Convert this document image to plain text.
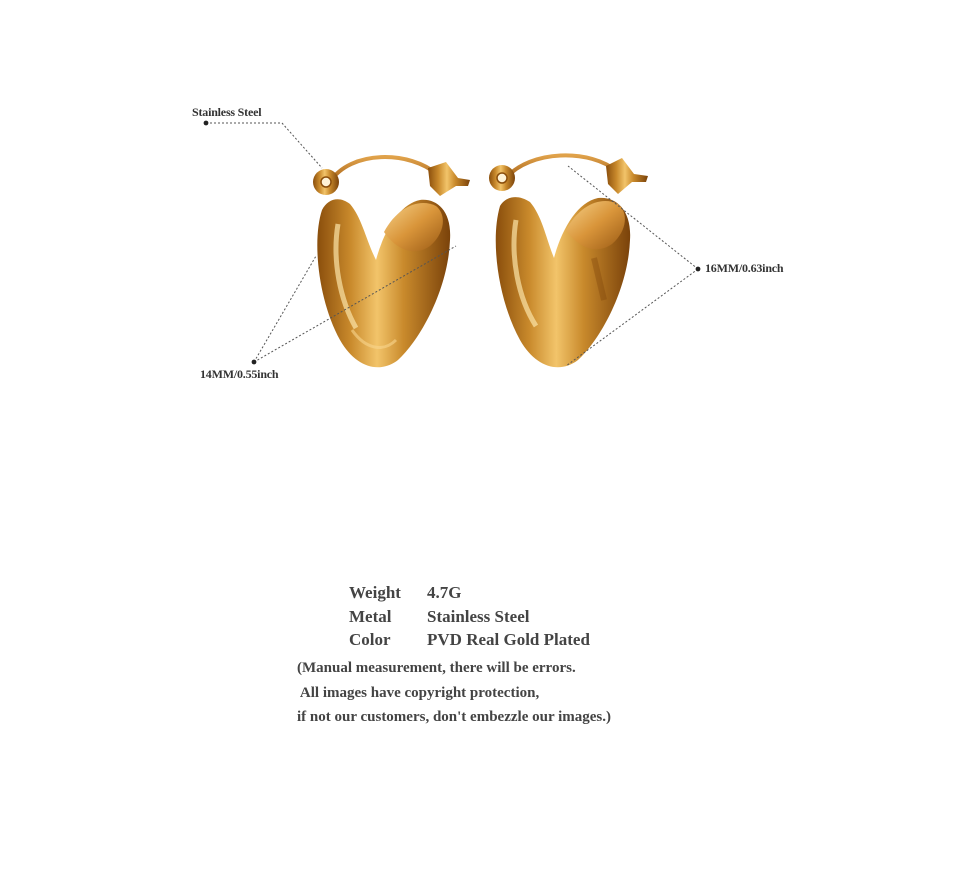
Stainless Steel
16MM/0.63inch
14MM/0.55inch
Weight	4.7G
Metal	Stainless Steel
Color	PVD Real Gold Plated
(Manual measurement, there will be errors.
All images have copyright protection,
if not our customers, don't embezzle our images.)
